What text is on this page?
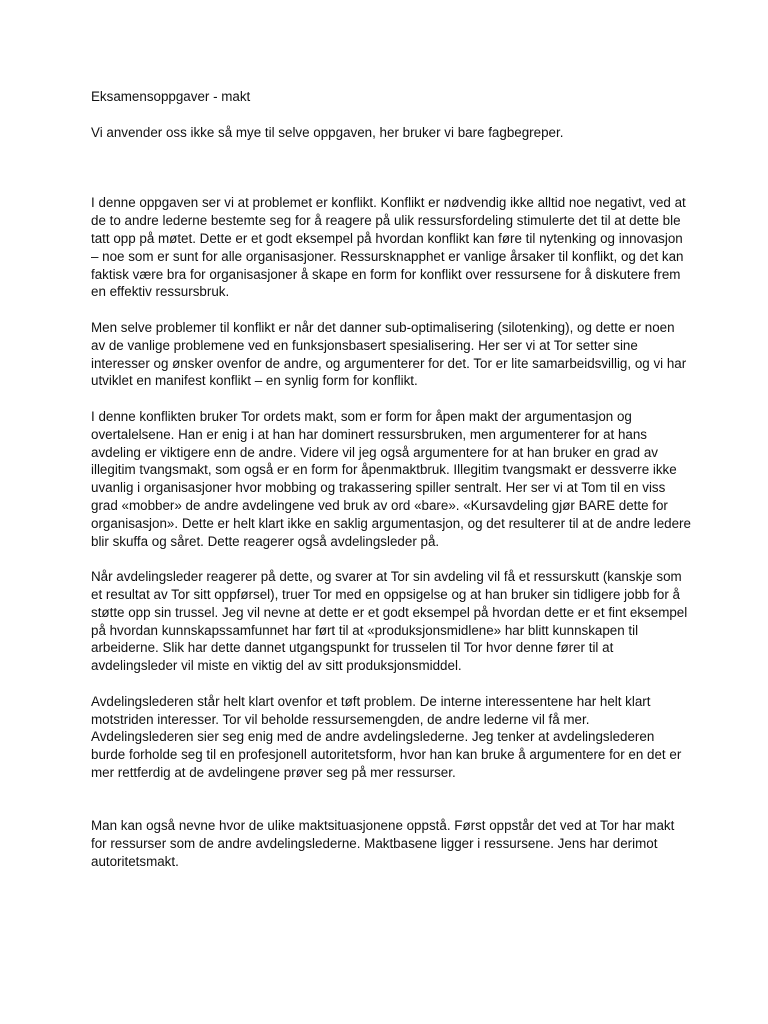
Eksamensoppgaver - makt

Vi anvender oss ikke så mye til selve oppgaven, her bruker vi bare fagbegreper.

I denne oppgaven ser vi at problemet er konflikt. Konflikt er nødvendig ikke alltid noe negativt, ved at de to andre lederne bestemte seg for å reagere på ulik ressursfordeling stimulerte det til at dette ble tatt opp på møtet. Dette er et godt eksempel på hvordan konflikt kan føre til nytenking og innovasjon – noe som er sunt for alle organisasjoner. Ressursknapphet er vanlige årsaker til konflikt, og det kan faktisk være bra for organisasjoner å skape en form for konflikt over ressursene for å diskutere frem en effektiv ressursbruk.

Men selve problemer til konflikt er når det danner sub-optimalisering (silotenking), og dette er noen av de vanlige problemene ved en funksjonsbasert spesialisering. Her ser vi at Tor setter sine interesser og ønsker ovenfor de andre, og argumenterer for det. Tor er lite samarbeidsvillig, og vi har utviklet en manifest konflikt – en synlig form for konflikt.

I denne konflikten bruker Tor ordets makt, som er form for åpen makt der argumentasjon og overtalelsene. Han er enig i at han har dominert ressursbruken, men argumenterer for at hans avdeling er viktigere enn de andre. Videre vil jeg også argumentere for at han bruker en grad av illegitim tvangsmakt, som også er en form for åpenmaktbruk. Illegitim tvangsmakt er dessverre ikke uvanlig i organisasjoner hvor mobbing og trakassering spiller sentralt. Her ser vi at Tom til en viss grad «mobber» de andre avdelingene ved bruk av ord «bare». «Kursavdeling gjør BARE dette for organisasjon». Dette er helt klart ikke en saklig argumentasjon, og det resulterer til at de andre ledere blir skuffa og såret. Dette reagerer også avdelingsleder på.

Når avdelingsleder reagerer på dette, og svarer at Tor sin avdeling vil få et ressurskutt (kanskje som et resultat av Tor sitt oppførsel), truer Tor med en oppsigelse og at han bruker sin tidligere jobb for å støtte opp sin trussel. Jeg vil nevne at dette er et godt eksempel på hvordan dette er et fint eksempel på hvordan kunnskapssamfunnet har ført til at «produksjonsmidlene» har blitt kunnskapen til arbeiderne. Slik har dette dannet utgangspunkt for trusselen til Tor hvor denne fører til at avdelingsleder vil miste en viktig del av sitt produksjonsmiddel.

Avdelingslederen står helt klart ovenfor et tøft problem. De interne interessentene har helt klart motstriden interesser. Tor vil beholde ressursemengden, de andre lederne vil få mer. Avdelingslederen sier seg enig med de andre avdelingslederne. Jeg tenker at avdelingslederen burde forholde seg til en profesjonell autoritetsform, hvor han kan bruke å argumentere for en det er mer rettferdig at de avdelingene prøver seg på mer ressurser.

Man kan også nevne hvor de ulike maktsituasjonene oppstå. Først oppstår det ved at Tor har makt for ressurser som de andre avdelingslederne. Maktbasene ligger i ressursene. Jens har derimot autoritetsmakt.
